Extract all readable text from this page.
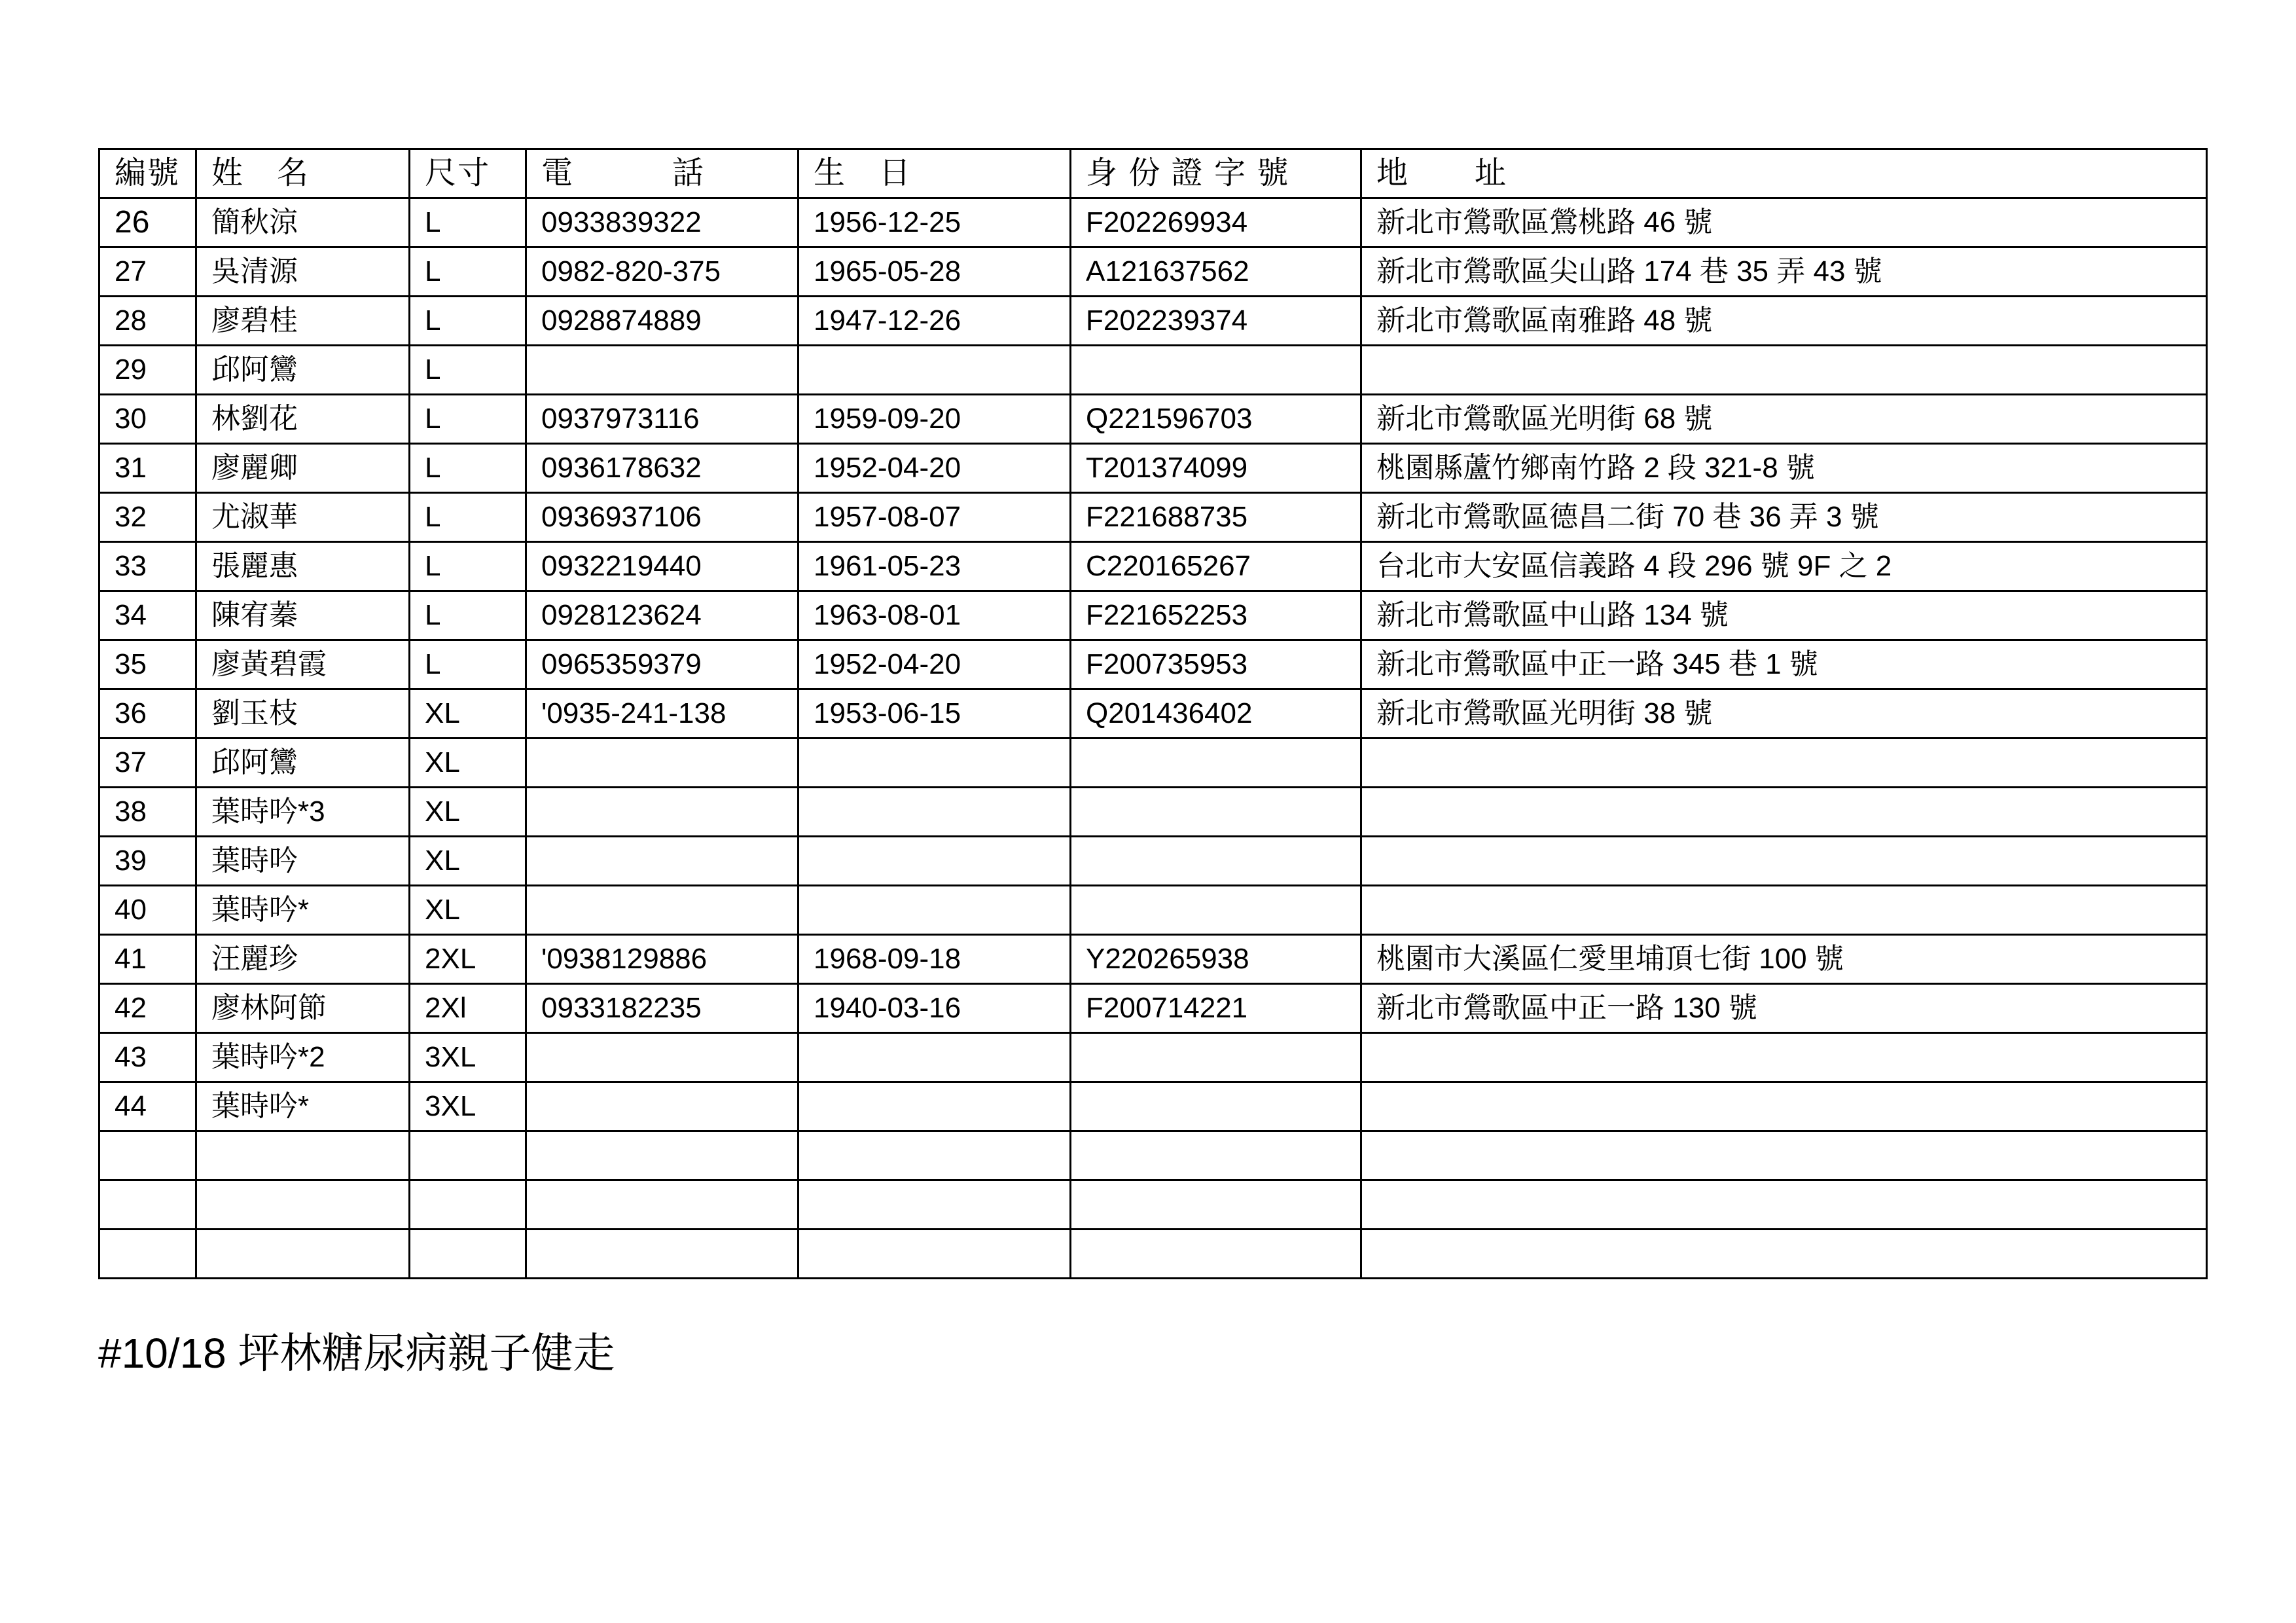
編號	姓　名	尺寸	電　　　話	生　日	身 份 證 字 號	地　　址
26	簡秋涼	L	0933839322	1956-12-25	F202269934	新北市鶯歌區鶯桃路 46 號
27	吳清源	L	0982-820-375	1965-05-28	A121637562	新北市鶯歌區尖山路 174 巷 35 弄 43 號
28	廖碧桂	L	0928874889	1947-12-26	F202239374	新北市鶯歌區南雅路 48 號
29	邱阿鸞	L				
30	林劉花	L	0937973116	1959-09-20	Q221596703	新北市鶯歌區光明街 68 號
31	廖麗卿	L	0936178632	1952-04-20	T201374099	桃園縣蘆竹鄉南竹路 2 段 321-8 號
32	尤淑華	L	0936937106	1957-08-07	F221688735	新北市鶯歌區德昌二街 70 巷 36 弄 3 號
33	張麗惠	L	0932219440	1961-05-23	C220165267	台北市大安區信義路 4 段 296 號 9F 之 2
34	陳宥蓁	L	0928123624	1963-08-01	F221652253	新北市鶯歌區中山路 134 號
35	廖黃碧霞	L	0965359379	1952-04-20	F200735953	新北市鶯歌區中正一路 345 巷 1 號
36	劉玉枝	XL	'0935-241-138	1953-06-15	Q201436402	新北市鶯歌區光明街 38 號
37	邱阿鸞	XL				
38	葉時吟*3	XL				
39	葉時吟	XL				
40	葉時吟*	XL				
41	汪麗珍	2XL	'0938129886	1968-09-18	Y220265938	桃園市大溪區仁愛里埔頂七街 100 號
42	廖林阿節	2Xl	0933182235	1940-03-16	F200714221	新北市鶯歌區中正一路 130 號
43	葉時吟*2	3XL				
44	葉時吟*	3XL				

#10/18 坪林糖尿病親子健走
